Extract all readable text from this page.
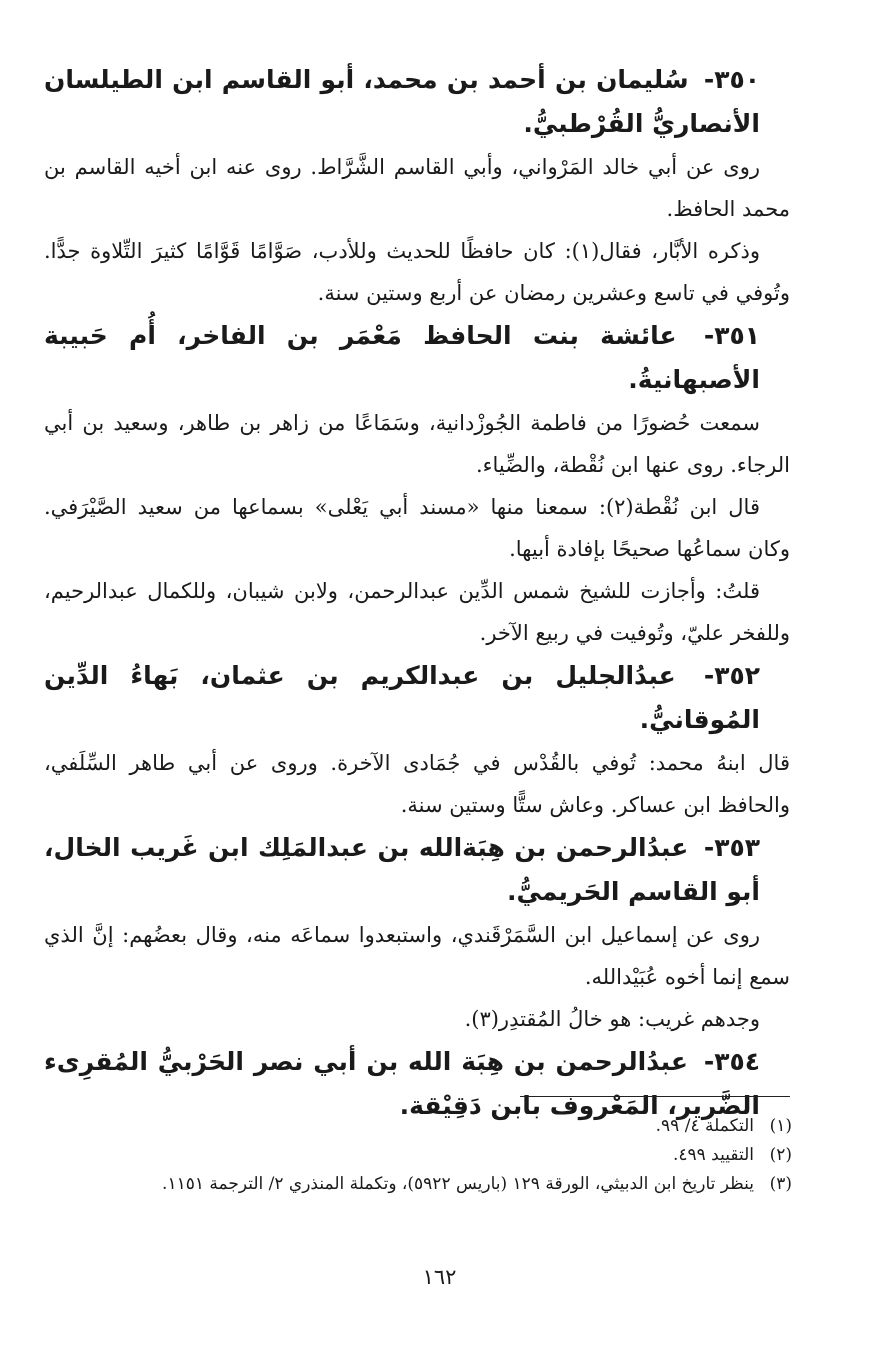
٣٥٠- سُليمان بن أحمد بن محمد، أبو القاسم ابن الطيلسان الأنصاريُّ القُرْطبيُّ.

روى عن أبي خالد المَرْواني، وأبي القاسم الشَّرَّاط. روى عنه ابن أخيه القاسم بن محمد الحافظ.

وذكره الأبَّار، فقال(١): كان حافظًا للحديث وللأدب، صَوَّامًا قَوَّامًا كثيرَ التِّلاوة جدًّا. وتُوفي في تاسع وعشرين رمضان عن أربع وستين سنة.

٣٥١- عائشة بنت الحافظ مَعْمَر بن الفاخر، أُم حَبيبة الأصبهانيةُ.

سمعت حُضورًا من فاطمة الجُوزْدانية، وسَمَاعًا من زاهر بن طاهر، وسعيد بن أبي الرجاء. روى عنها ابن نُقْطة، والضِّياء.

قال ابن نُقْطة(٢): سمعنا منها «مسند أبي يَعْلى» بسماعها من سعيد الصَّيْرَفي. وكان سماعُها صحيحًا بإفادة أبيها.

قلتُ: وأجازت للشيخ شمس الدِّين عبدالرحمن، ولابن شيبان، وللكمال عبدالرحيم، وللفخر عليّ، وتُوفيت في ربيع الآخر.

٣٥٢- عبدُالجليل بن عبدالكريم بن عثمان، بَهاءُ الدِّين المُوقانيُّ.

قال ابنهُ محمد: تُوفي بالقُدْس في جُمَادى الآخرة. وروى عن أبي طاهر السِّلَفي، والحافظ ابن عساكر. وعاش ستًّا وستين سنة.

٣٥٣- عبدُالرحمن بن هِبَةالله بن عبدالمَلِك ابن غَريب الخال، أبو القاسم الحَريميُّ.

روى عن إسماعيل ابن السَّمَرْقَندي، واستبعدوا سماعَه منه، وقال بعضُهم: إنَّ الذي سمع إنما أخوه عُبَيْدالله.

وجدهم غريب: هو خالُ المُقتدِر(٣).

٣٥٤- عبدُالرحمن بن هِبَة الله بن أبي نصر الحَرْبيُّ المُقرِىء الضَّرير، المَعْروف بابن دَقِيْقة.

(١)
التكملة ٤/ ٩٩.
(٢)
التقييد ٤٩٩.
(٣)
ينظر تاريخ ابن الدبيثي، الورقة ١٢٩ (باريس ٥٩٢٢)، وتكملة المنذري ٢/ الترجمة ١١٥١.
١٦٢
